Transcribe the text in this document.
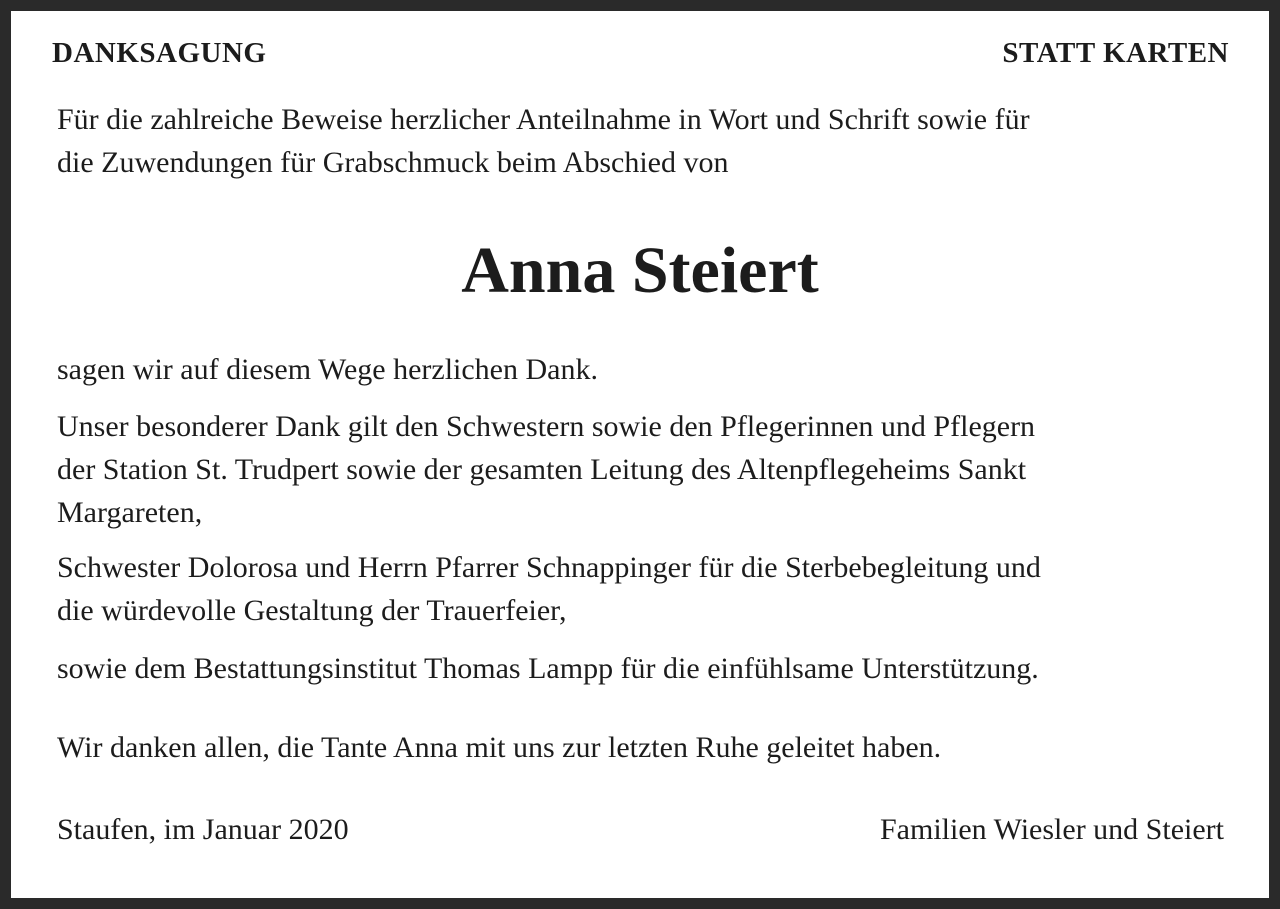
DANKSAGUNG	STATT KARTEN

Für die zahlreiche Beweise herzlicher Anteilnahme in Wort und Schrift sowie für
die Zuwendungen für Grabschmuck beim Abschied von

Anna Steiert

sagen wir auf diesem Wege herzlichen Dank.

Unser besonderer Dank gilt den Schwestern sowie den Pflegerinnen und Pflegern
der Station St. Trudpert sowie der gesamten Leitung des Altenpflegeheims Sankt
Margareten,

Schwester Dolorosa und Herrn Pfarrer Schnappinger für die Sterbebegleitung und
die würdevolle Gestaltung der Trauerfeier,

sowie dem Bestattungsinstitut Thomas Lampp für die einfühlsame Unterstützung.

Wir danken allen, die Tante Anna mit uns zur letzten Ruhe geleitet haben.

Staufen, im Januar 2020	Familien Wiesler und Steiert
